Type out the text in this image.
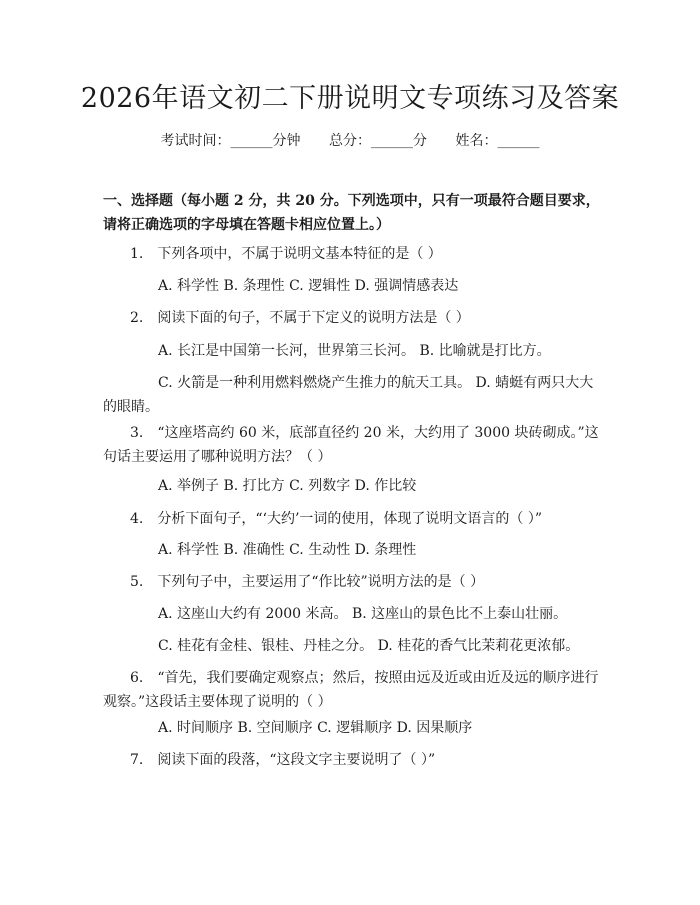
2026年语文初二下册说明文专项练习及答案
考试时间：______分钟 总分：______分 姓名：______
一、选择题（每小题 2 分，共 20 分。下列选项中，只有一项最符合题目要求，请将正确选项的字母填在答题卡相应位置上。）
1.　下列各项中，不属于说明文基本特征的是（ ）
A. 科学性 B. 条理性 C. 逻辑性 D. 强调情感表达
2.　阅读下面的句子，不属于下定义的说明方法是（ ）
A. 长江是中国第一长河，世界第三长河。 B. 比喻就是打比方。
C. 火箭是一种利用燃料燃烧产生推力的航天工具。 D. 蜻蜓有两只大大的眼睛。
3.　“这座塔高约 60 米，底部直径约 20 米，大约用了 3000 块砖砌成。”这句话主要运用了哪种说明方法？（ ）
A. 举例子 B. 打比方 C. 列数字 D. 作比较
4.　分析下面句子，“‘大约’一词的使用，体现了说明文语言的（ ）”
A. 科学性 B. 准确性 C. 生动性 D. 条理性
5.　下列句子中，主要运用了“作比较”说明方法的是（ ）
A. 这座山大约有 2000 米高。 B. 这座山的景色比不上泰山壮丽。
C. 桂花有金桂、银桂、丹桂之分。 D. 桂花的香气比茉莉花更浓郁。
6.　“首先，我们要确定观察点；然后，按照由远及近或由近及远的顺序进行观察。”这段话主要体现了说明的（ ）
A. 时间顺序 B. 空间顺序 C. 逻辑顺序 D. 因果顺序
7.　阅读下面的段落，“这段文字主要说明了（ ）”
